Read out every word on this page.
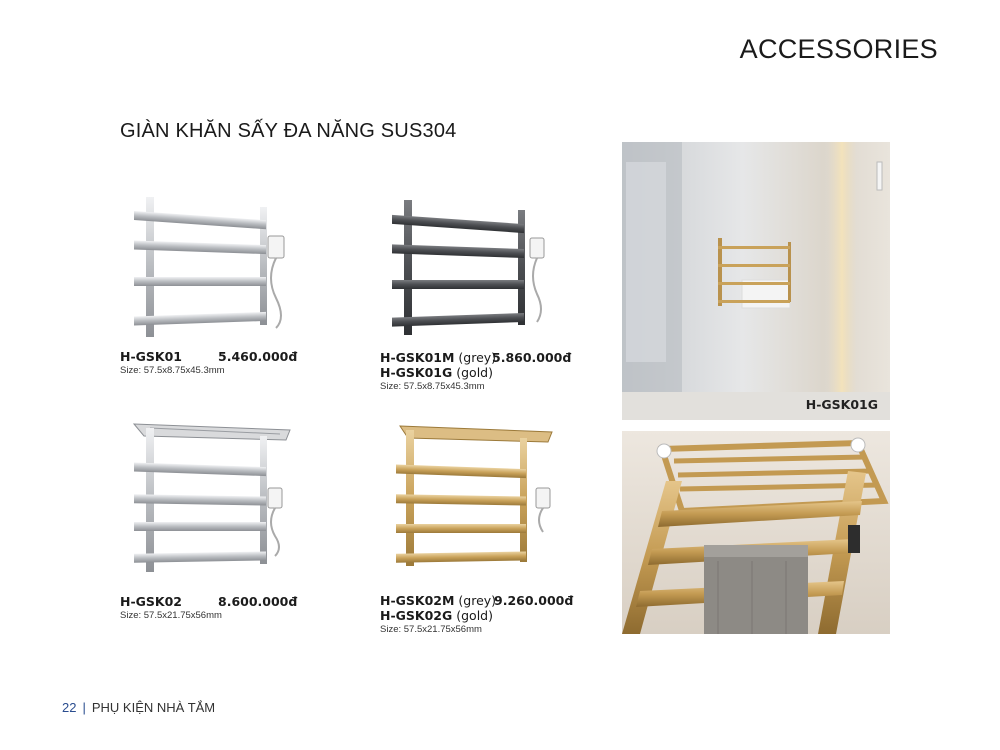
ACCESSORIES
GIÀN KHĂN SẤY ĐA NĂNG SUS304
H-GSK01	5.460.000đ
Size: 57.5x8.75x45.3mm
H-GSK01M (grey)
H-GSK01G (gold)
5.860.000đ
Size: 57.5x8.75x45.3mm
H-GSK02	8.600.000đ
Size: 57.5x21.75x56mm
H-GSK02M (grey)
H-GSK02G (gold)
9.260.000đ
Size: 57.5x21.75x56mm
H-GSK01G
22 | PHỤ KIỆN NHÀ TẮM
